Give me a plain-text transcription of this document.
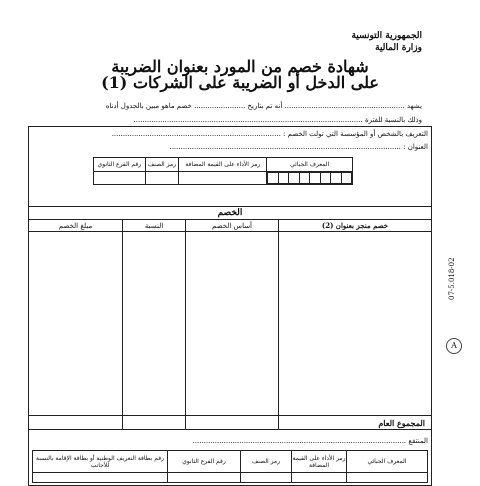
الجمهورية التونسية
وزارة المالية
شهادة خصم من المورد بعنوان الضريبة
على الدخل أو الضريبة على الشركات (1)
يشهد ...................................................... أنه تم بتاريخ ....................... خصم ماهو مبين بالجدول أدناه
وذلك بالنسبة للفترة .......................................................................................................
التعريف بالشخص أو المؤسسة التي تولت الخصم : ............................................................................
العنوان : ........................................................................................................
المعرف الجبائي	رمز الأداء على القيمة المضافة	رمز الصنف	رقم الفرع الثانوي

الخصم			
خصم منجز بعنوان (2)	أساس الخصم	النسبة	مبلغ الخصم

المجموع العام			
المنتفع ................................................................................................
المعرف الجبائي	رمز الأداء على القيمة المضافة	رمز الصنف	رقم الفرع الثانوي	رقم بطاقة التعريف الوطنية أو بطاقة الإقامة بالنسبة للأجانب

07-5.018-02
A
